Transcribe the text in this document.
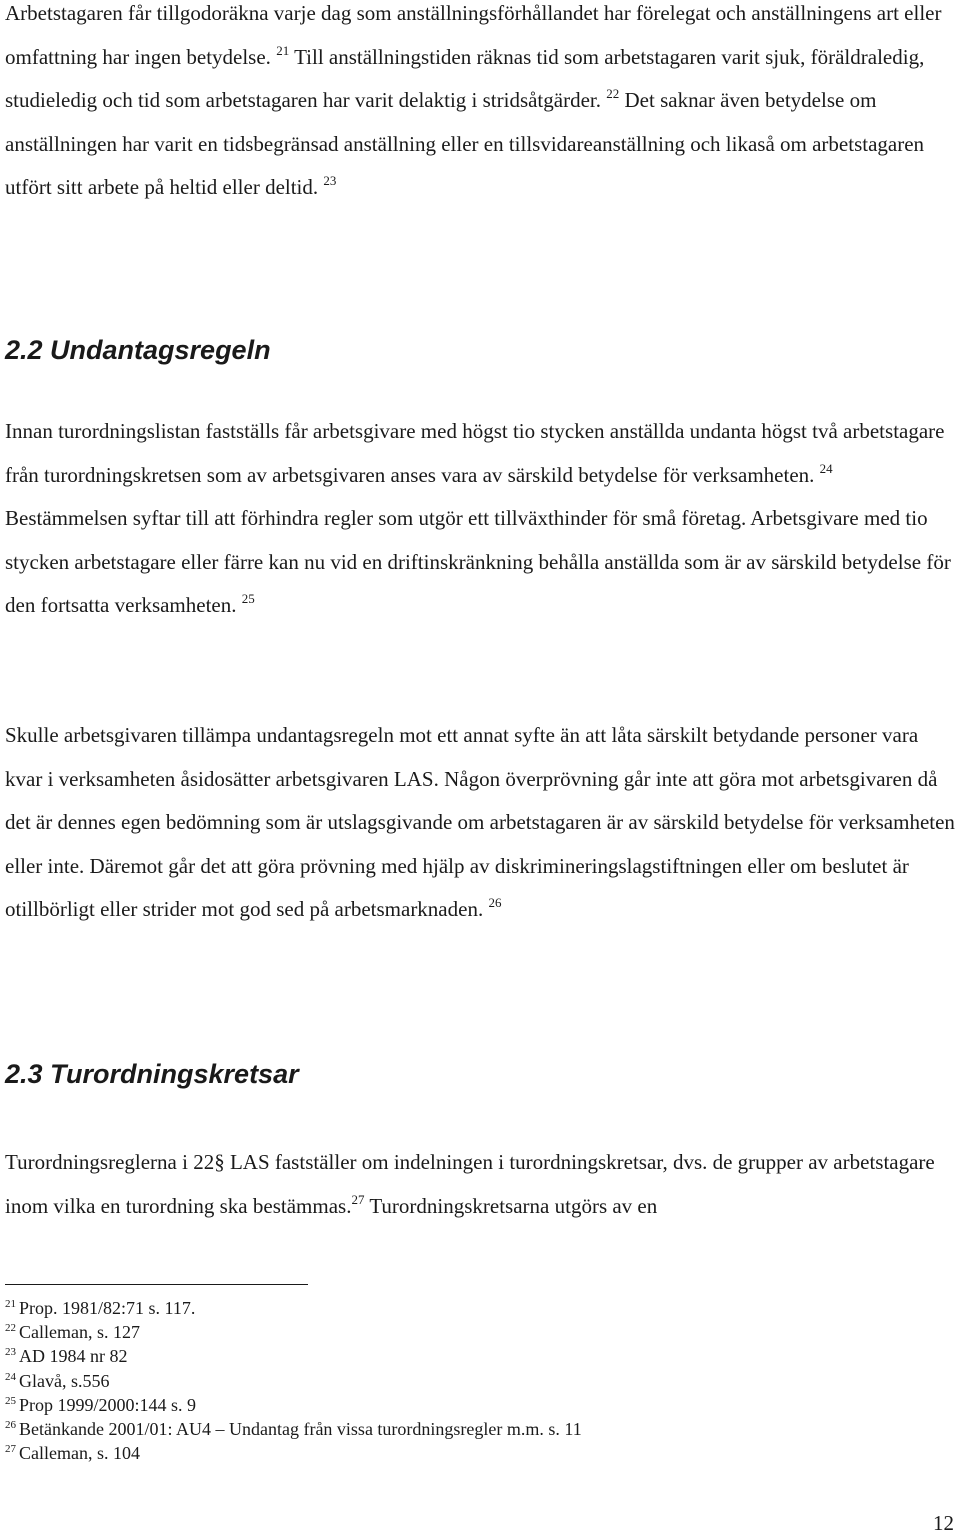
Arbetstagaren får tillgodoräkna varje dag som anställningsförhållandet har förelegat och anställningens art eller omfattning har ingen betydelse. $^{21}$ Till anställningstiden räknas tid som arbetstagaren varit sjuk, föräldraledig, studieledig och tid som arbetstagaren har varit delaktig i stridsåtgärder. $^{22}$ Det saknar även betydelse om anställningen har varit en tidsbegränsad anställning eller en tillsvidareanställning och likaså om arbetstagaren utfört sitt arbete på heltid eller deltid. $^{23}$

2.2 Undantagsregeln

Innan turordningslistan fastställs får arbetsgivare med högst tio stycken anställda undanta högst två arbetstagare från turordningskretsen som av arbetsgivaren anses vara av särskild betydelse för verksamheten. $^{24}$ Bestämmelsen syftar till att förhindra regler som utgör ett tillväxthinder för små företag. Arbetsgivare med tio stycken arbetstagare eller färre kan nu vid en driftinskränkning behålla anställda som är av särskild betydelse för den fortsatta verksamheten. $^{25}$

Skulle arbetsgivaren tillämpa undantagsregeln mot ett annat syfte än att låta särskilt betydande personer vara kvar i verksamheten åsidosätter arbetsgivaren LAS. Någon överprövning går inte att göra mot arbetsgivaren då det är dennes egen bedömning som är utslagsgivande om arbetstagaren är av särskild betydelse för verksamheten eller inte. Däremot går det att göra prövning med hjälp av diskrimineringslagstiftningen eller om beslutet är otillbörligt eller strider mot god sed på arbetsmarknaden. $^{26}$

2.3 Turordningskretsar

Turordningsreglerna i 22§ LAS fastställer om indelningen i turordningskretsar, dvs. de grupper av arbetstagare inom vilka en turordning ska bestämmas.$^{27}$ Turordningskretsarna utgörs av en

$^{21}$ Prop. 1981/82:71 s. 117.
$^{22}$ Calleman, s. 127
$^{23}$ AD 1984 nr 82
$^{24}$ Glavå, s.556
$^{25}$ Prop 1999/2000:144 s. 9
$^{26}$ Betänkande 2001/01: AU4 – Undantag från vissa turordningsregler m.m. s. 11
$^{27}$ Calleman, s. 104
12
